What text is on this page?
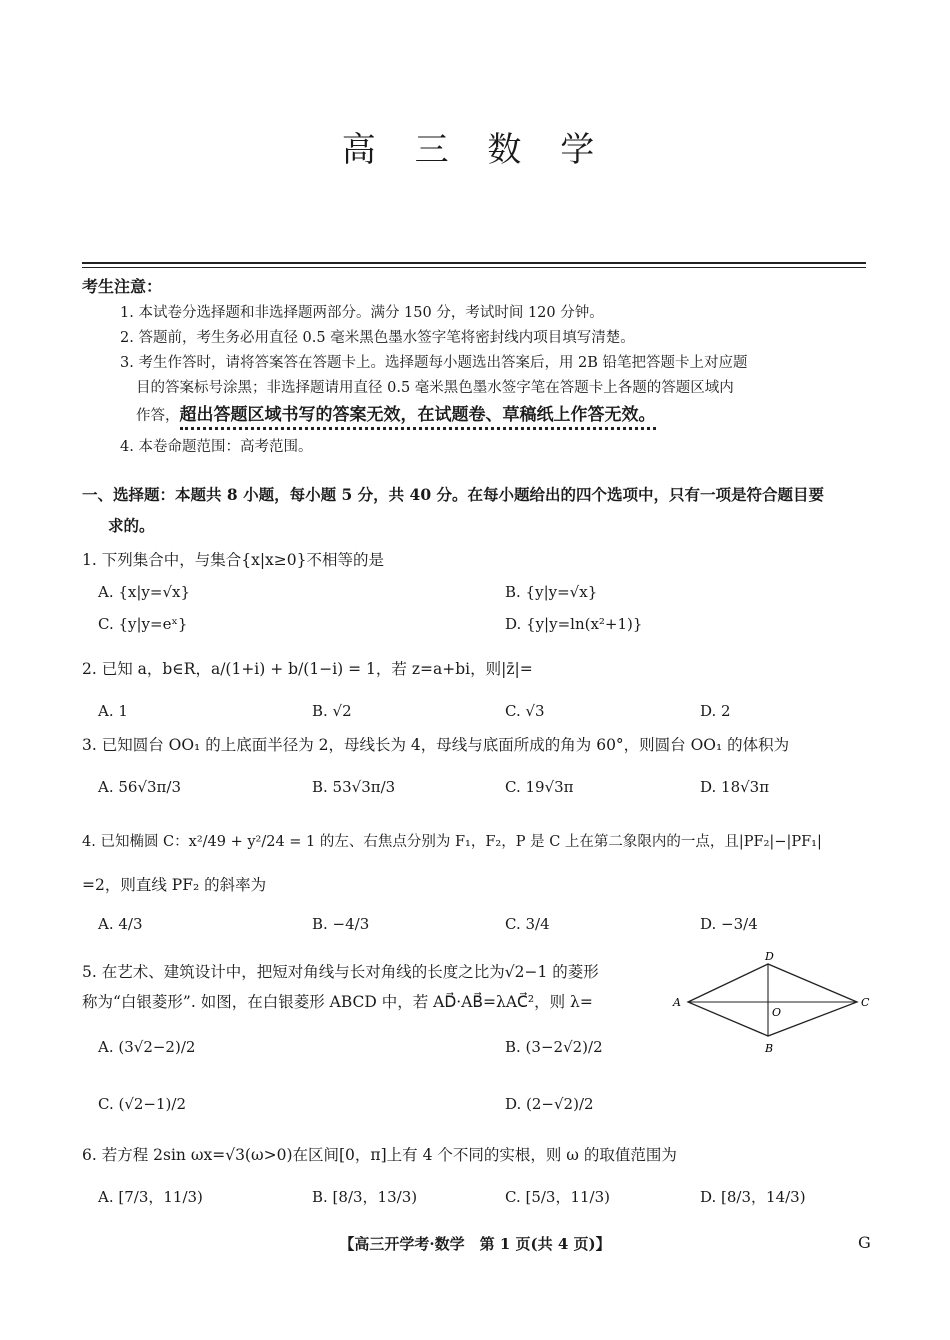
高 三 数 学
考生注意：
1. 本试卷分选择题和非选择题两部分。满分 150 分，考试时间 120 分钟。
2. 答题前，考生务必用直径 0.5 毫米黑色墨水签字笔将密封线内项目填写清楚。
3. 考生作答时，请将答案答在答题卡上。选择题每小题选出答案后，用 2B 铅笔把答题卡上对应题
目的答案标号涂黑；非选择题请用直径 0.5 毫米黑色墨水签字笔在答题卡上各题的答题区域内
作答，超出答题区域书写的答案无效，在试题卷、草稿纸上作答无效。
4. 本卷命题范围：高考范围。
一、选择题：本题共 8 小题，每小题 5 分，共 40 分。在每小题给出的四个选项中，只有一项是符合题目要
求的。
1. 下列集合中，与集合{x|x≥0}不相等的是
A. {x|y=√x}	B. {y|y=√x}
C. {y|y=eˣ}	D. {y|y=ln(x²+1)}
2. 已知 a，b∈R，a/(1+i) + b/(1−i) = 1，若 z=a+bi，则|z̄|=
A. 1	B. √2	C. √3	D. 2
3. 已知圆台 OO₁ 的上底面半径为 2，母线长为 4，母线与底面所成的角为 60°，则圆台 OO₁ 的体积为
A. 56√3π/3	B. 53√3π/3	C. 19√3π	D. 18√3π
4. 已知椭圆 C：x²/49 + y²/24 = 1 的左、右焦点分别为 F₁，F₂，P 是 C 上在第二象限内的一点，且|PF₂|−|PF₁|
=2，则直线 PF₂ 的斜率为
A. 4/3	B. −4/3	C. 3/4	D. −3/4
5. 在艺术、建筑设计中，把短对角线与长对角线的长度之比为√2−1 的菱形
称为“白银菱形”. 如图，在白银菱形 ABCD 中，若 AD⃗·AB⃗=λAC⃗²，则 λ=
A. (3√2−2)/2	B. (3−2√2)/2
C. (√2−1)/2	D. (2−√2)/2
A	C
D
B
O
6. 若方程 2sin ωx=√3(ω>0)在区间[0，π]上有 4 个不同的实根，则 ω 的取值范围为
A. [7/3，11/3)	B. [8/3，13/3)	C. [5/3，11/3)	D. [8/3，14/3)
【高三开学考·数学　第 1 页(共 4 页)】	G
